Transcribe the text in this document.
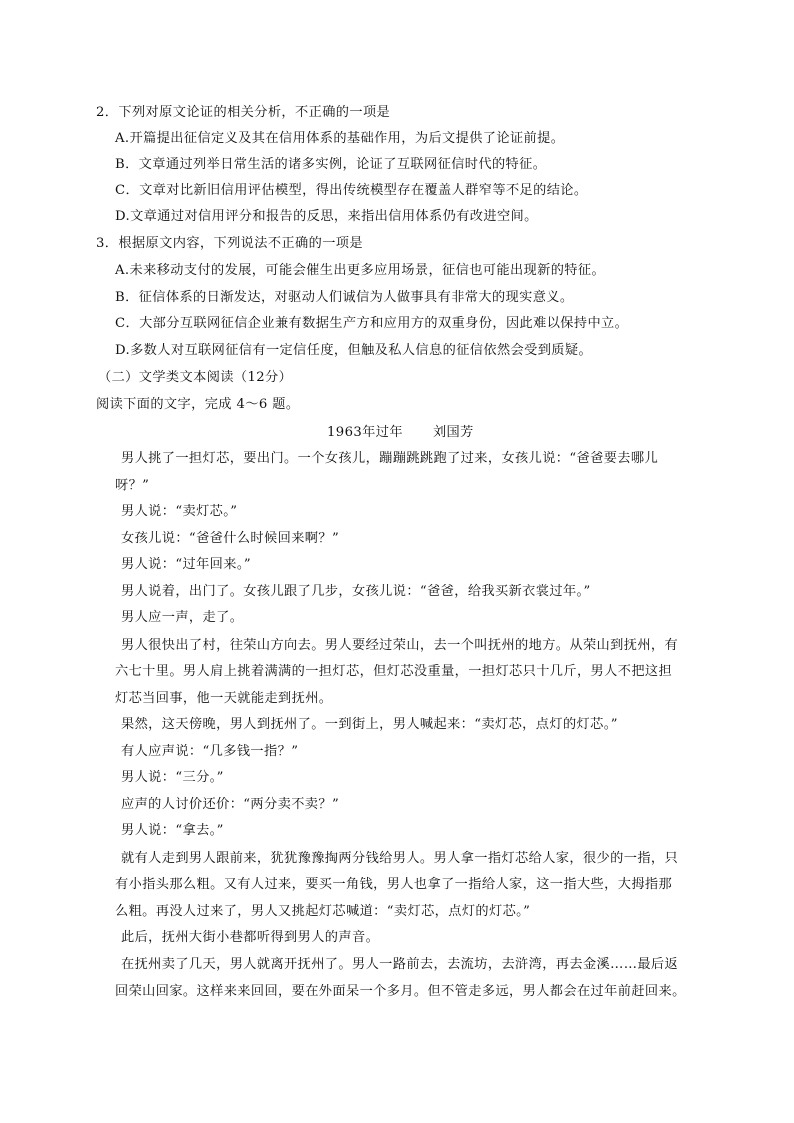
2．下列对原文论证的相关分析，不正确的一项是
A.开篇提出征信定义及其在信用体系的基础作用，为后文提供了论证前提。
B．文章通过列举日常生活的诸多实例，论证了互联网征信时代的特征。
C．文章对比新旧信用评估模型，得出传统模型存在覆盖人群窄等不足的结论。
D.文章通过对信用评分和报告的反思，来指出信用体系仍有改进空间。
3．根据原文内容，下列说法不正确的一项是
A.未来移动支付的发展，可能会催生出更多应用场景，征信也可能出现新的特征。
B．征信体系的日渐发达，对驱动人们诚信为人做事具有非常大的现实意义。
C．大部分互联网征信企业兼有数据生产方和应用方的双重身份，因此难以保持中立。
D.多数人对互联网征信有一定信任度，但触及私人信息的征信依然会受到质疑。
（二）文学类文本阅读（12分）
阅读下面的文字，完成 4～6 题。
1963年过年 刘国芳
男人挑了一担灯芯，要出门。一个女孩儿，蹦蹦跳跳跑了过来，女孩儿说：“爸爸要去哪儿
呀？”
男人说：“卖灯芯。”
女孩儿说：“爸爸什么时候回来啊？”
男人说：“过年回来。”
男人说着，出门了。女孩儿跟了几步，女孩儿说：“爸爸，给我买新衣裳过年。”
男人应一声，走了。
男人很快出了村，往荣山方向去。男人要经过荣山，去一个叫抚州的地方。从荣山到抚州，有
六七十里。男人肩上挑着满满的一担灯芯，但灯芯没重量，一担灯芯只十几斤，男人不把这担
灯芯当回事，他一天就能走到抚州。
果然，这天傍晚，男人到抚州了。一到街上，男人喊起来：“卖灯芯，点灯的灯芯。”
有人应声说：“几多钱一指？”
男人说：“三分。”
应声的人讨价还价：“两分卖不卖？”
男人说：“拿去。”
就有人走到男人跟前来，犹犹豫豫掏两分钱给男人。男人拿一指灯芯给人家，很少的一指，只
有小指头那么粗。又有人过来，要买一角钱，男人也拿了一指给人家，这一指大些，大拇指那
么粗。再没人过来了，男人又挑起灯芯喊道：“卖灯芯，点灯的灯芯。”
此后，抚州大街小巷都听得到男人的声音。
在抚州卖了几天，男人就离开抚州了。男人一路前去，去流坊，去浒湾，再去金溪……最后返
回荣山回家。这样来来回回，要在外面呆一个多月。但不管走多远，男人都会在过年前赶回来。
